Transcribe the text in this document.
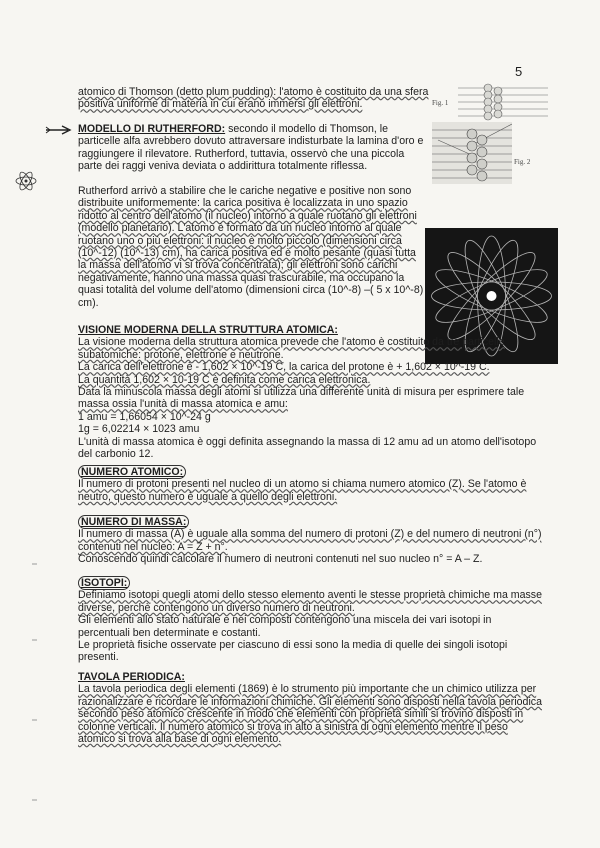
5
Fig. 1
Fig. 2
atomico di Thomson (detto plum pudding): l'atomo è costituito da una sfera
positiva uniforme di materia in cui erano immersi gli elettroni.
MODELLO DI RUTHERFORD: secondo il modello di Thomson, le
particelle alfa avrebbero dovuto attraversare indisturbate la lamina d'oro e
raggiungere il rilevatore. Rutherford, tuttavia, osservò che una piccola
parte dei raggi veniva deviata o addirittura totalmente riflessa.
Rutherford arrivò a stabilire che le cariche negative e positive non sono
distribuite uniformemente: la carica positiva è localizzata in uno spazio
ridotto al centro dell'atomo (il nucleo) intorno a quale ruotano gli elettroni
(modello planetario). L'atomo è formato da un nucleo intorno al quale
ruotano uno o più elettroni: il nucleo è molto piccolo (dimensioni circa
(10^-12) (10^-13) cm), ha carica positiva ed è molto pesante (quasi tutta
la massa dell'atomo vi si trova concentrata); gli elettroni sono carichi
negativamente, hanno una massa quasi trascurabile, ma occupano la
quasi totalità del volume dell'atomo (dimensioni circa (10^-8) –( 5 x 10^-8)
cm).
VISIONE MODERNA DELLA STRUTTURA ATOMICA:
La visione moderna della struttura atomica prevede che l'atomo è costituito da tre particelle
subatomiche: protone, elettrone e neutrone.
La carica dell'elettrone è - 1,602 × 10^-19 C, la carica del protone è + 1,602 × 10^-19 C.
La quantità 1,602 × 10-19 C è definita come carica elettronica.
Data la minuscola massa degli atomi si utilizza una differente unità di misura per esprimere tale
massa ossia l'unità di massa atomica e amu:
1 amu = 1,66054 × 10^-24 g
1g = 6,02214 × 1023 amu
L'unità di massa atomica è oggi definita assegnando la massa di 12 amu ad un atomo dell'isotopo
del carbonio 12.
NUMERO ATOMICO:
Il numero di protoni presenti nel nucleo di un atomo si chiama numero atomico (Z). Se l'atomo è
neutro, questo numero è uguale a quello degli elettroni.
NUMERO DI MASSA:
Il numero di massa (A) è uguale alla somma del numero di protoni (Z) e del numero di neutroni (n°)
contenuti nel nucleo: A = Z + n°.
Conoscendo quindi calcolare il numero di neutroni contenuti nel suo nucleo n° = A – Z.
ISOTOPI:
Definiamo isotopi quegli atomi dello stesso elemento aventi le stesse proprietà chimiche ma masse
diverse, perchè contengono un diverso numero di neutroni.
Gli elementi allo stato naturale e nei composti contengono una miscela dei vari isotopi in
percentuali ben determinate e costanti.
Le proprietà fisiche osservate per ciascuno di essi sono la media di quelle dei singoli isotopi
presenti.
TAVOLA PERIODICA:
La tavola periodica degli elementi (1869) è lo strumento più importante che un chimico utilizza per
razionalizzare e ricordare le informazioni chimiche. Gli elementi sono disposti nella tavola periodica
secondo peso atomico crescente in modo che elementi con proprietà simili si trovino disposti in
colonne verticali. Il numero atomico si trova in alto a sinistra di ogni elemento mentre il peso
atomico si trova alla base di ogni elemento.
